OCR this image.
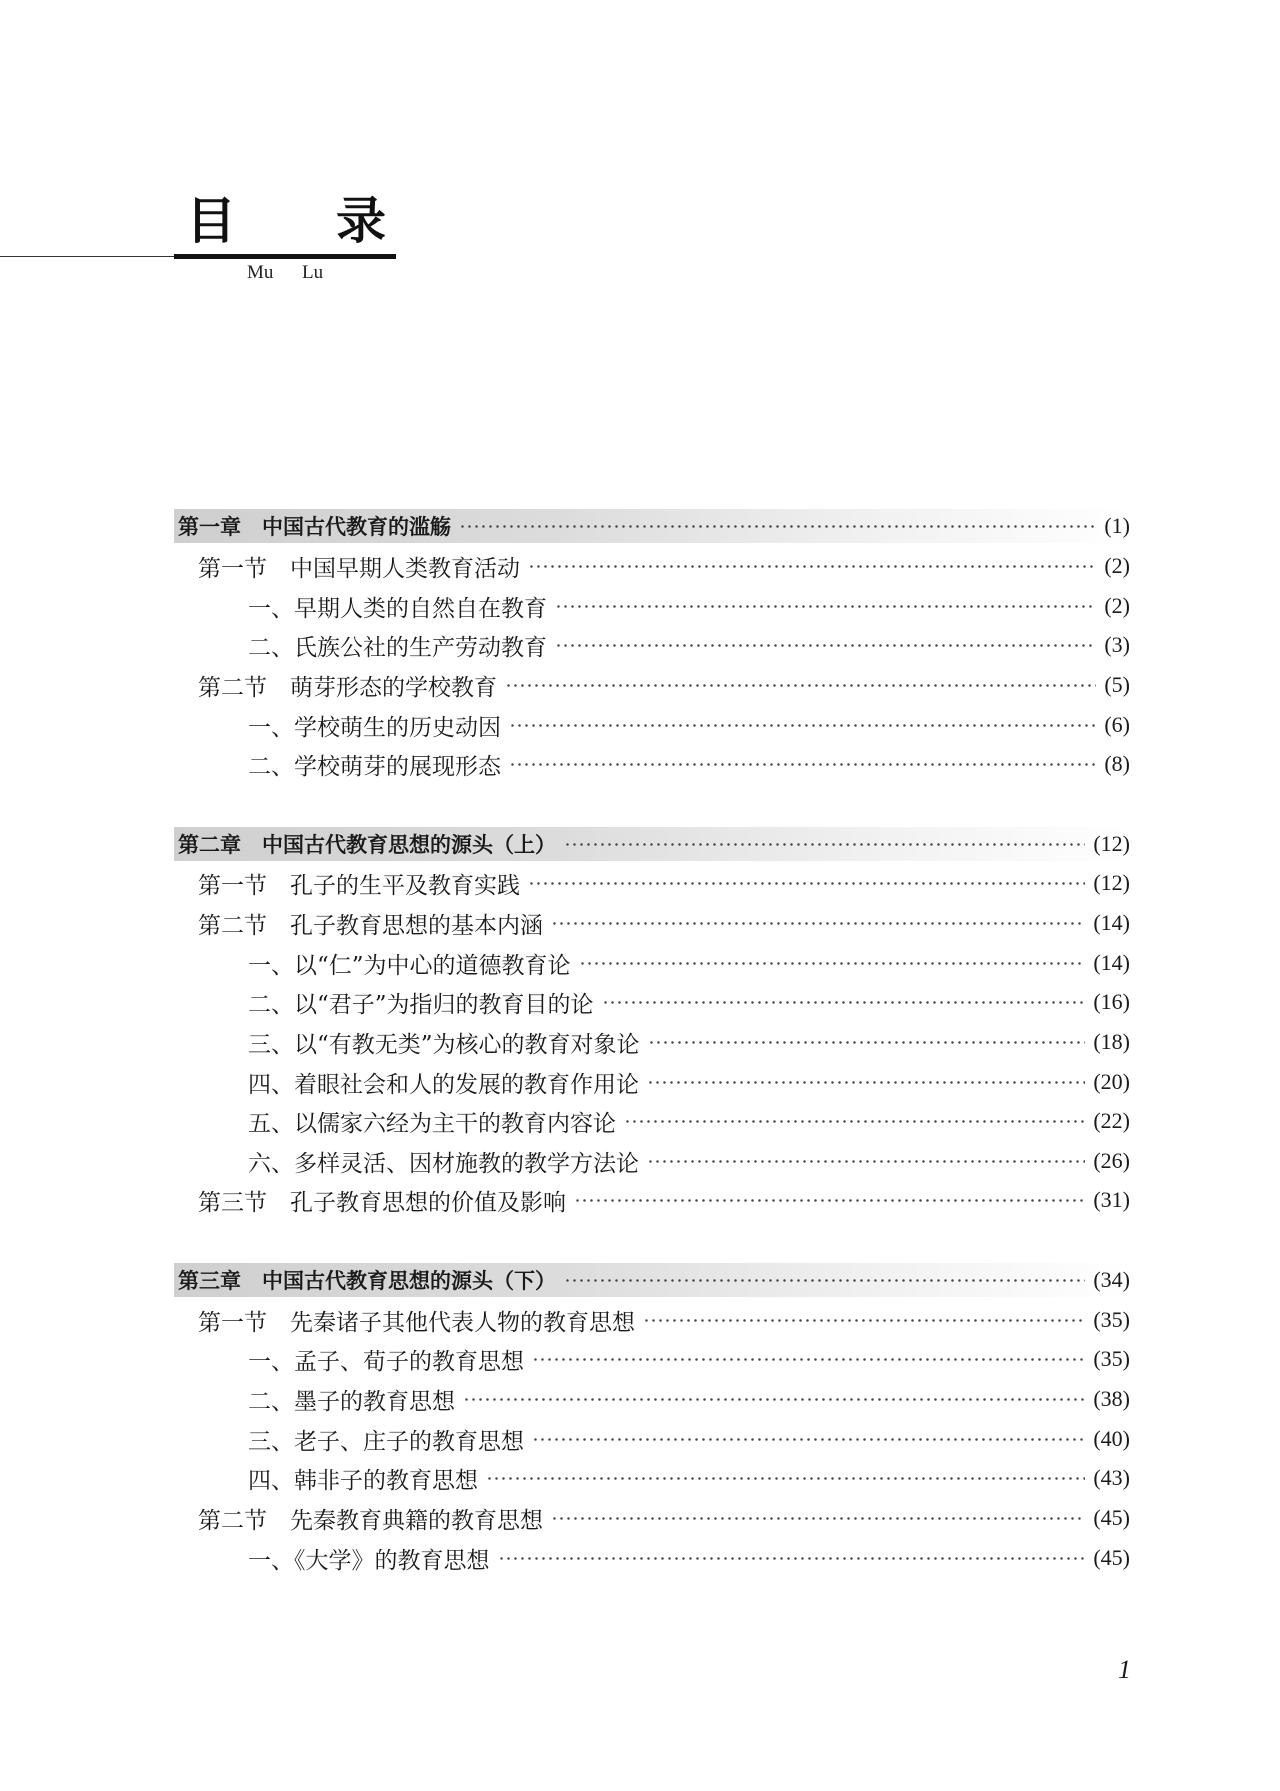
目 录
Mu Lu
第一章　中国古代教育的滥觞	(1)
第一节　中国早期人类教育活动	(2)
一、早期人类的自然自在教育	(2)
二、氏族公社的生产劳动教育	(3)
第二节　萌芽形态的学校教育	(5)
一、学校萌生的历史动因	(6)
二、学校萌芽的展现形态	(8)
第二章　中国古代教育思想的源头（上）	(12)
第一节　孔子的生平及教育实践	(12)
第二节　孔子教育思想的基本内涵	(14)
一、以“仁”为中心的道德教育论	(14)
二、以“君子”为指归的教育目的论	(16)
三、以“有教无类”为核心的教育对象论	(18)
四、着眼社会和人的发展的教育作用论	(20)
五、以儒家六经为主干的教育内容论	(22)
六、多样灵活、因材施教的教学方法论	(26)
第三节　孔子教育思想的价值及影响	(31)
第三章　中国古代教育思想的源头（下）	(34)
第一节　先秦诸子其他代表人物的教育思想	(35)
一、孟子、荀子的教育思想	(35)
二、墨子的教育思想	(38)
三、老子、庄子的教育思想	(40)
四、韩非子的教育思想	(43)
第二节　先秦教育典籍的教育思想	(45)
一、《大学》的教育思想	(45)
1
